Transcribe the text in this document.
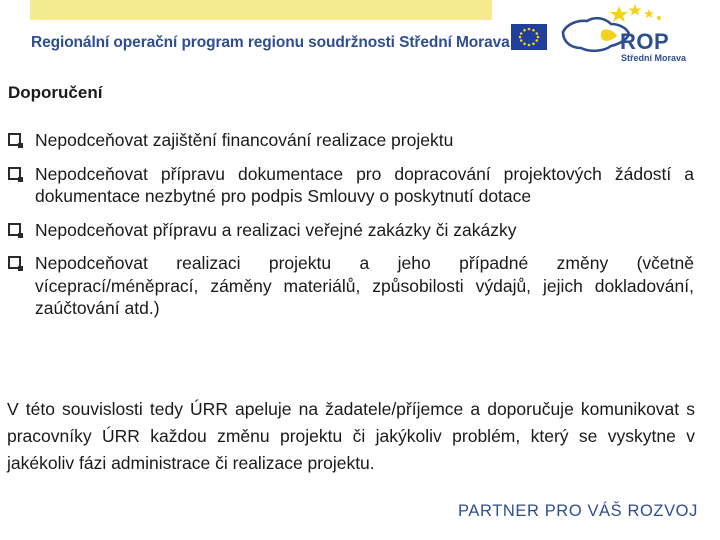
Regionální operační program regionu soudržnosti Střední Morava	ROP
Střední Morava
Doporučení
Nepodceňovat zajištění financování realizace projektu
Nepodceňovat přípravu dokumentace pro dopracování projektových žádostí a dokumentace nezbytné pro podpis Smlouvy o poskytnutí dotace
Nepodceňovat přípravu a realizaci veřejné zakázky či zakázky
Nepodceňovat realizaci projektu a jeho případné změny (včetně víceprací/méněprací, záměny materiálů, způsobilosti výdajů, jejich dokladování, zaúčtování atd.)
V této souvislosti tedy ÚRR apeluje na žadatele/příjemce a doporučuje komunikovat s pracovníky ÚRR každou změnu projektu či jakýkoliv problém, který se vyskytne v jakékoliv fázi administrace či realizace projektu.
PARTNER PRO VÁŠ ROZVOJ
